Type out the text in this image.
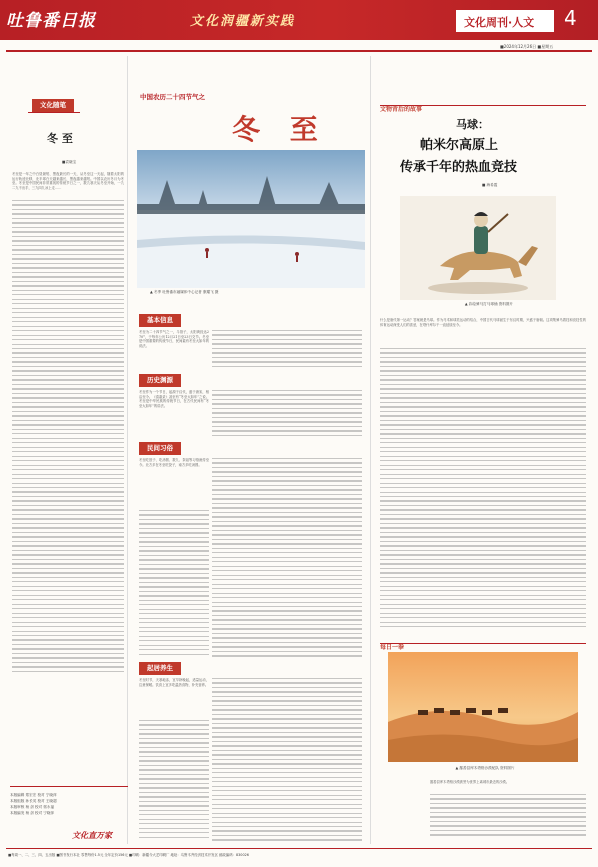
吐鲁番日报	文化润疆新实践	文化周刊·人文	4
■2024年12月26日 ■星期五
文化随笔
冬 至
■袁晓宝
冬至是一年之中白昼最短、黑夜最长的一天，从冬至这一天起，随着太阳的运行轨迹北移，北半球白天越来越长，黑夜越来越短。中国以农历冬月为冬至。冬至是中国民间非常重视的传统节日之一，数九寒天从冬至开始，一九二九不出手，三九四九冰上走……
本版编辑 郑宏宏 校对 宁晓萍
本版组版 孙长英 校对 王晓超
本版审核 杨 剑 校对 郭永福
本版编发 杨 剑 校对 宁晓萍
文化直万家
中国农历二十四节气之
冬 至
▲ 冬季 吐鲁番市融媒体中心记者 康耀飞 摄
基本信息
冬至为二十四节气之一，斗指子，太阳黄经达270°，于每年公历12月21日至23日交节。冬至是中国重要的传统节日，民间素有冬至大如年的说法。
历史渊源
冬至作为一个节日，起源于汉代，盛于唐宋，相沿至今。《清嘉录》甚至有“冬至大如年”之说。冬至是中华民族的传统节日，在古代民间有“冬至大如年”的讲法。
民间习俗
冬至吃饺子、吃汤圆、数九、祭祖等习俗流传至今。北方多在冬至吃饺子，南方多吃汤圆。
起居养生
冬至时节，天寒地冻，宜早卧晚起，适量运动，注意保暖。饮食上宜多吃温热食物，补充营养。
文物背后的故事
马球：
帕米尔高原上
传承千年的热血竞技
■ 海希霞
▲ 彩绘骑马打马球俑 资料图片
什么是唐代第一运动？答案就是马球。作为马术和球类运动的结合，中国古代马球诞生于东汉时期，兴盛于唐朝。这项集骑马着技和竞技性的体育运动深受人们的喜爱，在塔什库尔干一直延续至今。
每日一拳
▲ 鄯善县库木塔格沙漠驼队 资料图片
鄯善县库木塔格沙漠被誉为世界上离城市最近的沙漠。
■每周一、二、三、四、五出版 ■图书发行本社 零售每份1.5元 全年定价156元 ■印刷：新疆今大艺印刷厂 地址：乌鲁木齐经济技术开发区 邮政编码：830026
